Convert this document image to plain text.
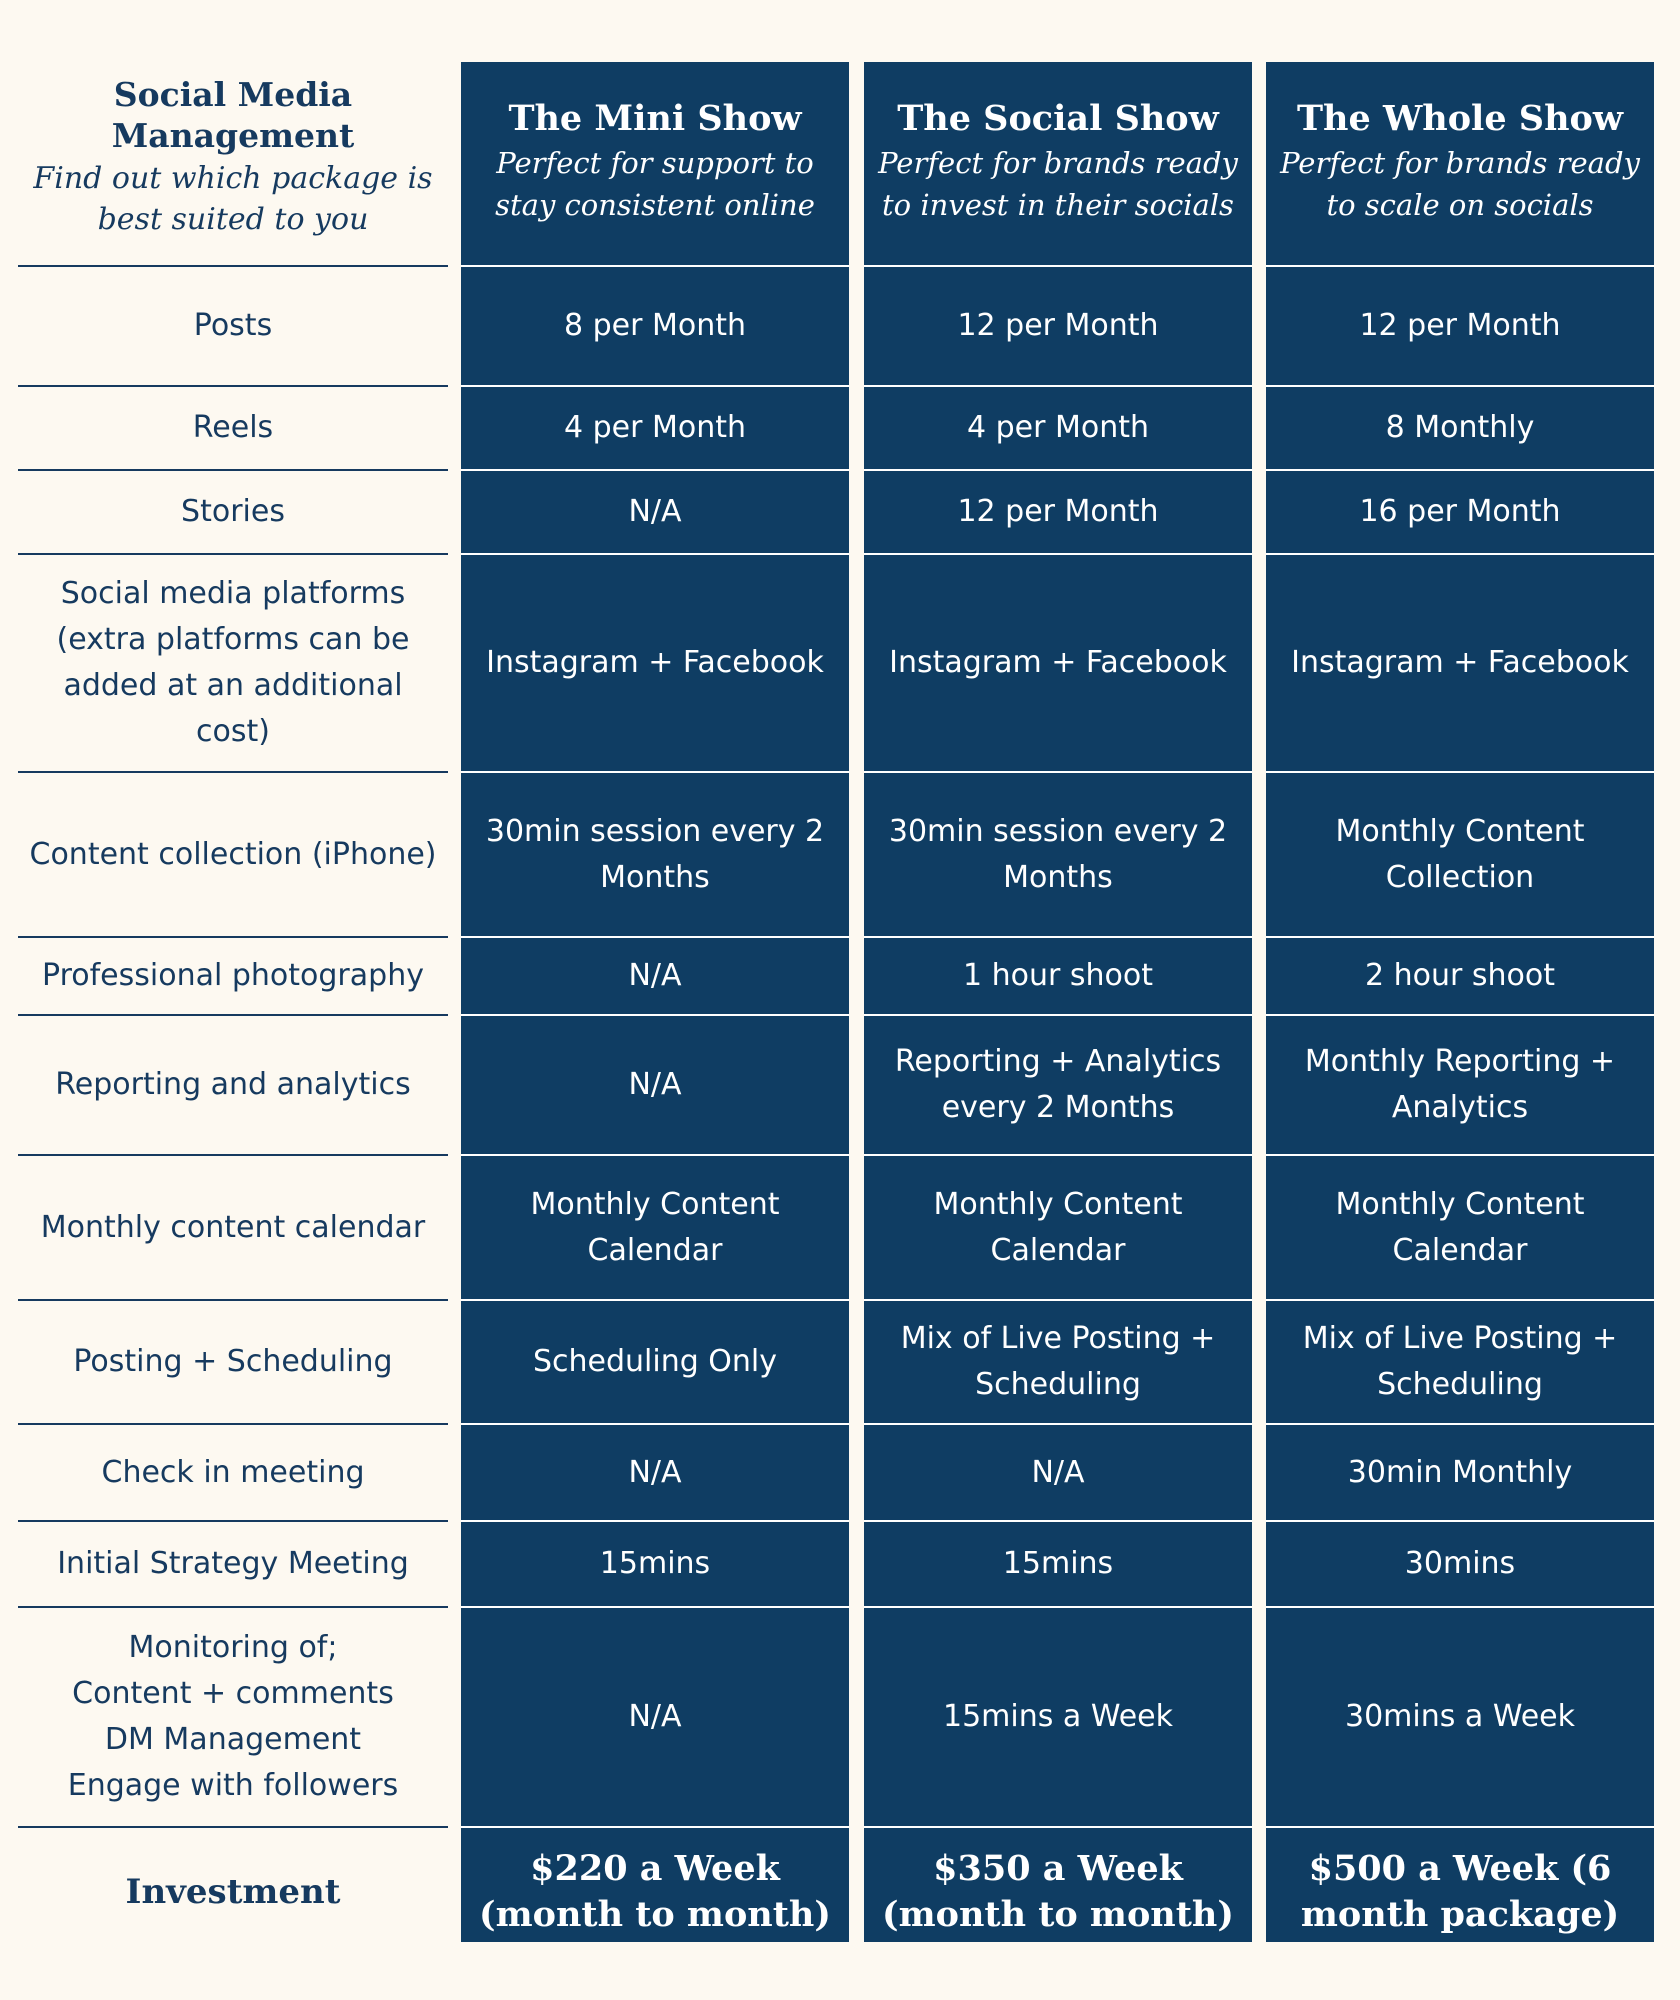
Social Media Management
Find out which package is best suited to you
Posts
Reels
Stories
Social media platforms (extra platforms can be added at an additional cost)
Content collection (iPhone)
Professional photography
Reporting and analytics
Monthly content calendar
Posting + Scheduling
Check in meeting
Initial Strategy Meeting
Monitoring of;
Content + comments
DM Management
Engage with followers
Investment
The Mini Show
Perfect for support to stay consistent online
8 per Month
4 per Month
N/A
Instagram + Facebook
30min session every 2 Months
N/A
N/A
Monthly Content Calendar
Scheduling Only
N/A
15mins
N/A
$220 a Week (month to month)
The Social Show
Perfect for brands ready to invest in their socials
12 per Month
4 per Month
12 per Month
Instagram + Facebook
30min session every 2 Months
1 hour shoot
Reporting + Analytics every 2 Months
Monthly Content Calendar
Mix of Live Posting + Scheduling
N/A
15mins
15mins a Week
$350 a Week (month to month)
The Whole Show
Perfect for brands ready to scale on socials
12 per Month
8 Monthly
16 per Month
Instagram + Facebook
Monthly Content Collection
2 hour shoot
Monthly Reporting + Analytics
Monthly Content Calendar
Mix of Live Posting + Scheduling
30min Monthly
30mins
30mins a Week
$500 a Week (6 month package)
